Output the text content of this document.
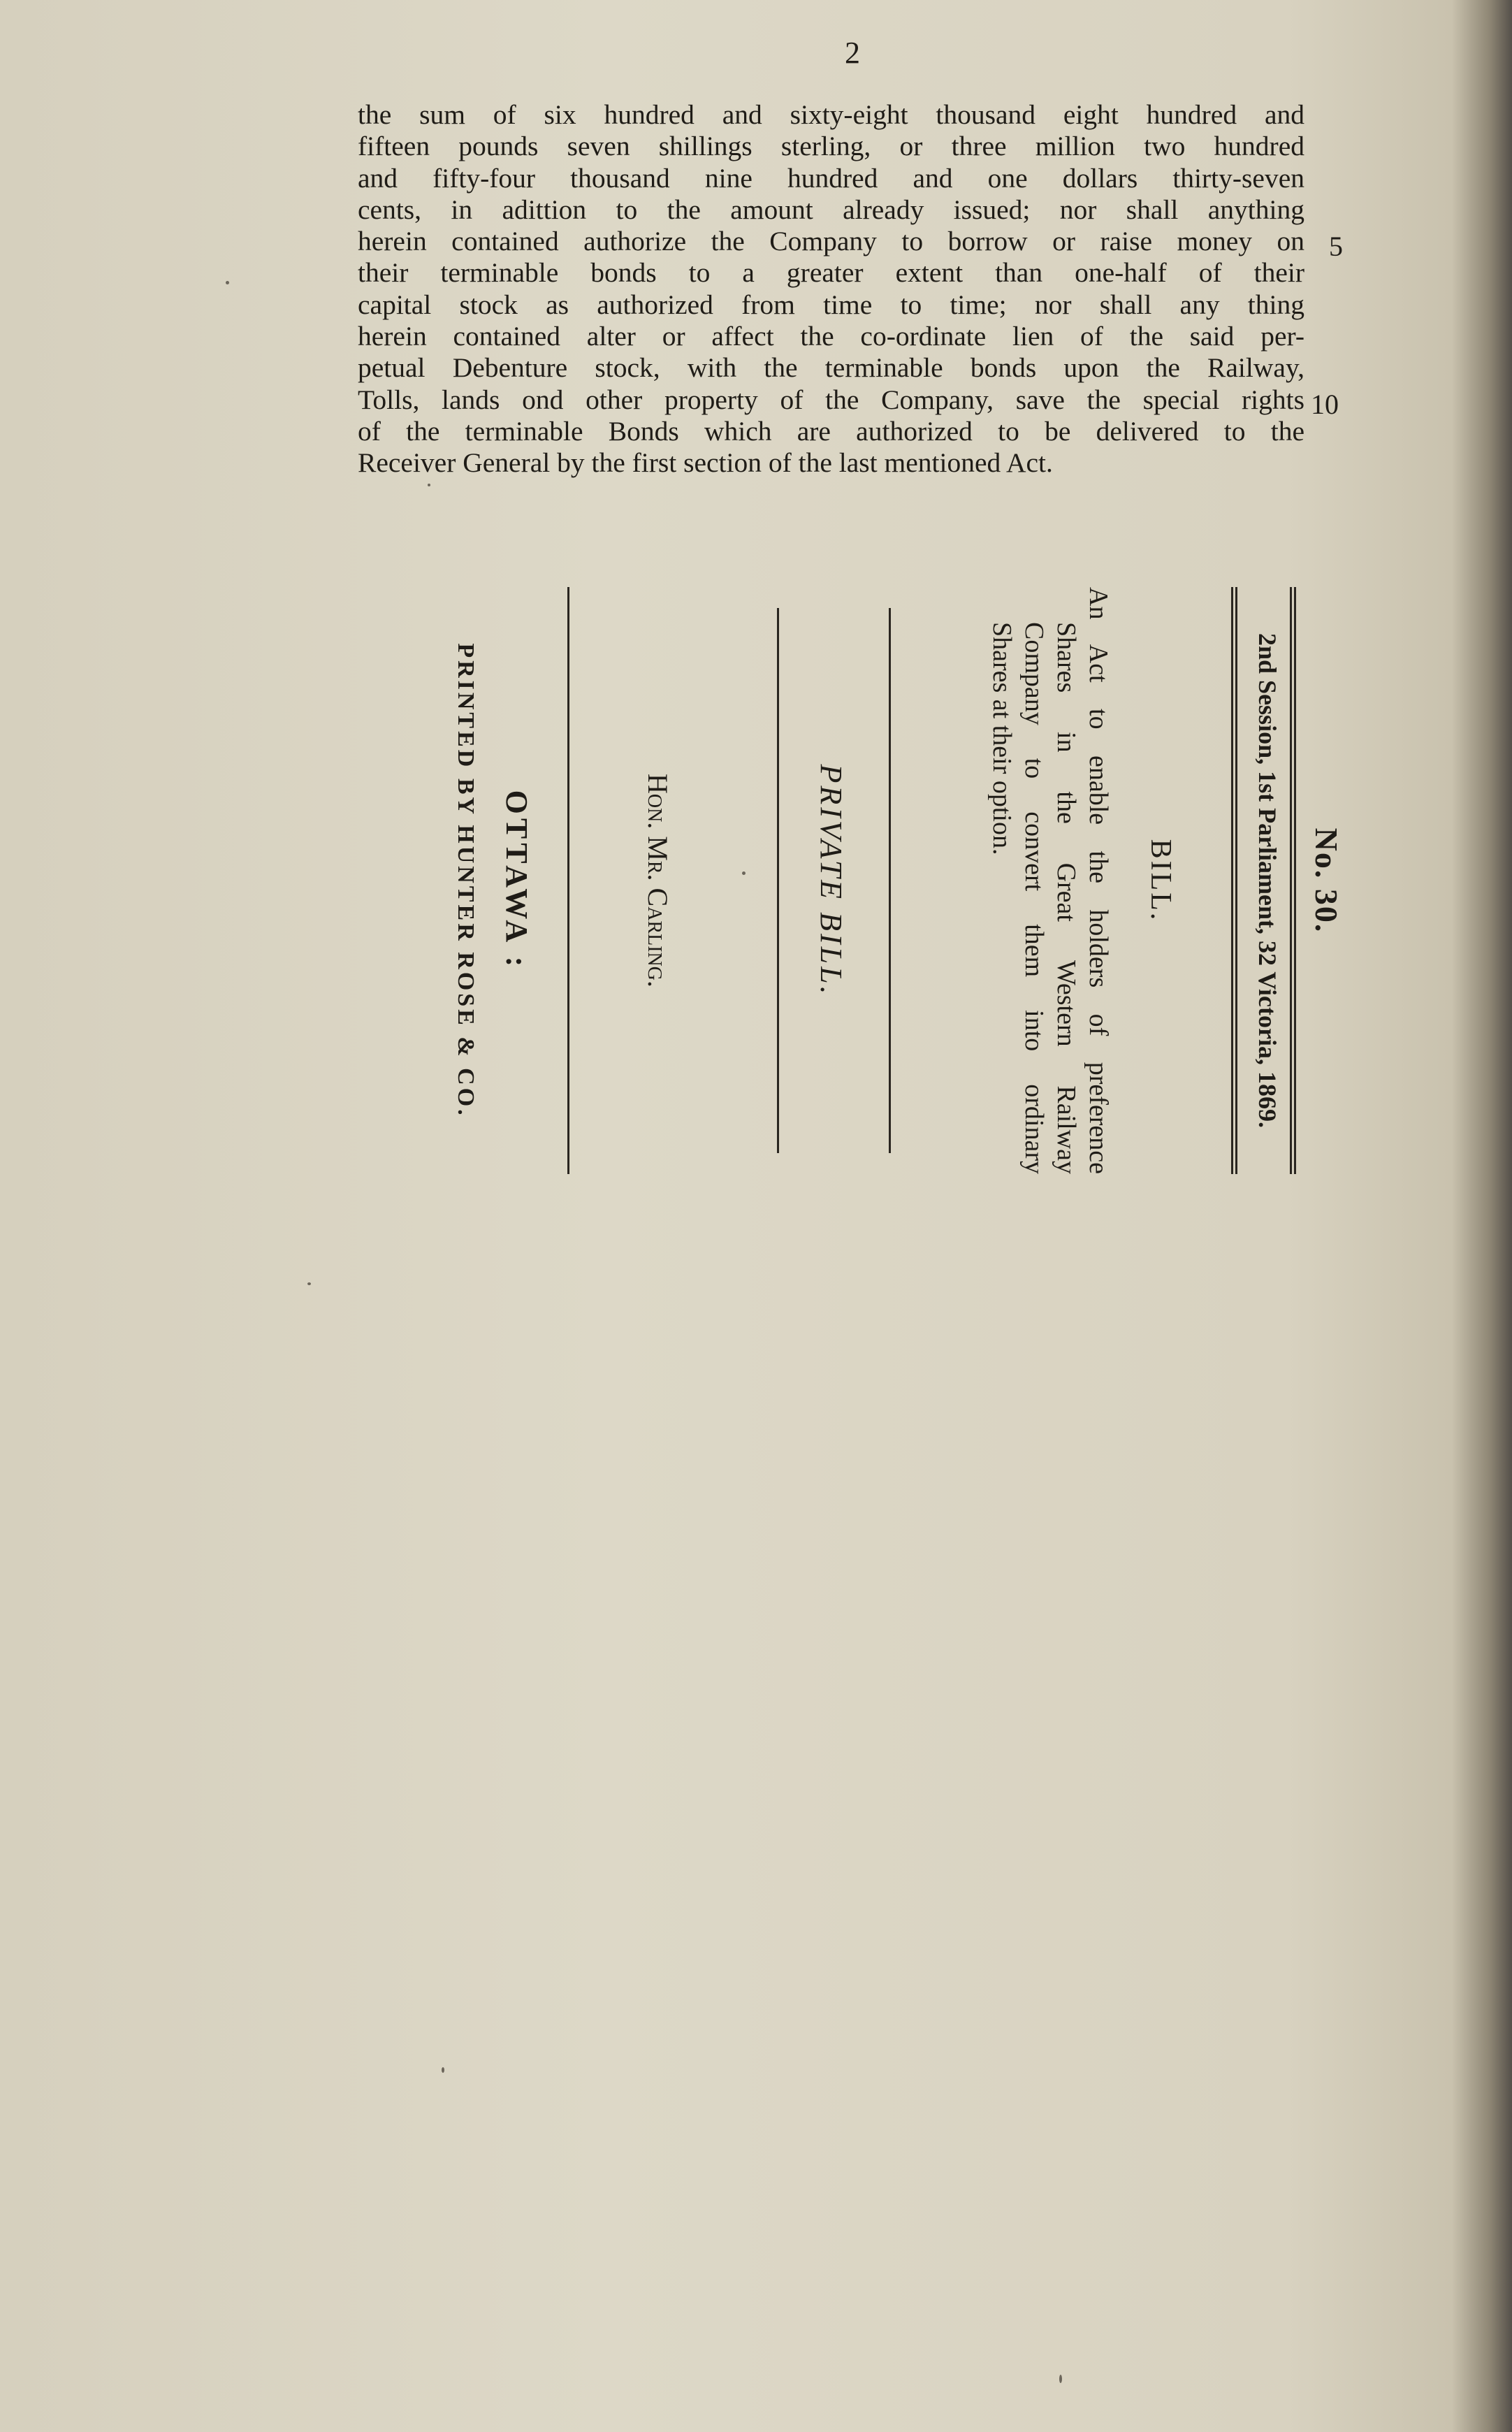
2
the sum of six hundred and sixty-eight thousand eight hundred and
fifteen pounds seven shillings sterling, or three million two hundred
and fifty-four thousand nine hundred and one dollars thirty-seven
cents, in adittion to the amount already issued; nor shall anything
herein contained authorize the Company to borrow or raise money on
their terminable bonds to a greater extent than one-half of their
capital stock as authorized from time to time; nor shall any thing
herein contained alter or affect the co-ordinate lien of the said per-
petual Debenture stock, with the terminable bonds upon the Railway,
Tolls, lands ond other property of the Company, save the special rights
of the terminable Bonds which are authorized to be delivered to the
Receiver General by the first section of the last mentioned Act.
5
10
No. 30.
2nd Session, 1st Parliament, 32 Victoria, 1869.
BILL.
An Act to enable the holders of preference
Shares in the Great Western Railway
Company to convert them into ordinary
Shares at their option.
PRIVATE BILL.
Hon. Mr. Carling.
OTTAWA :
PRINTED BY HUNTER ROSE & CO.
